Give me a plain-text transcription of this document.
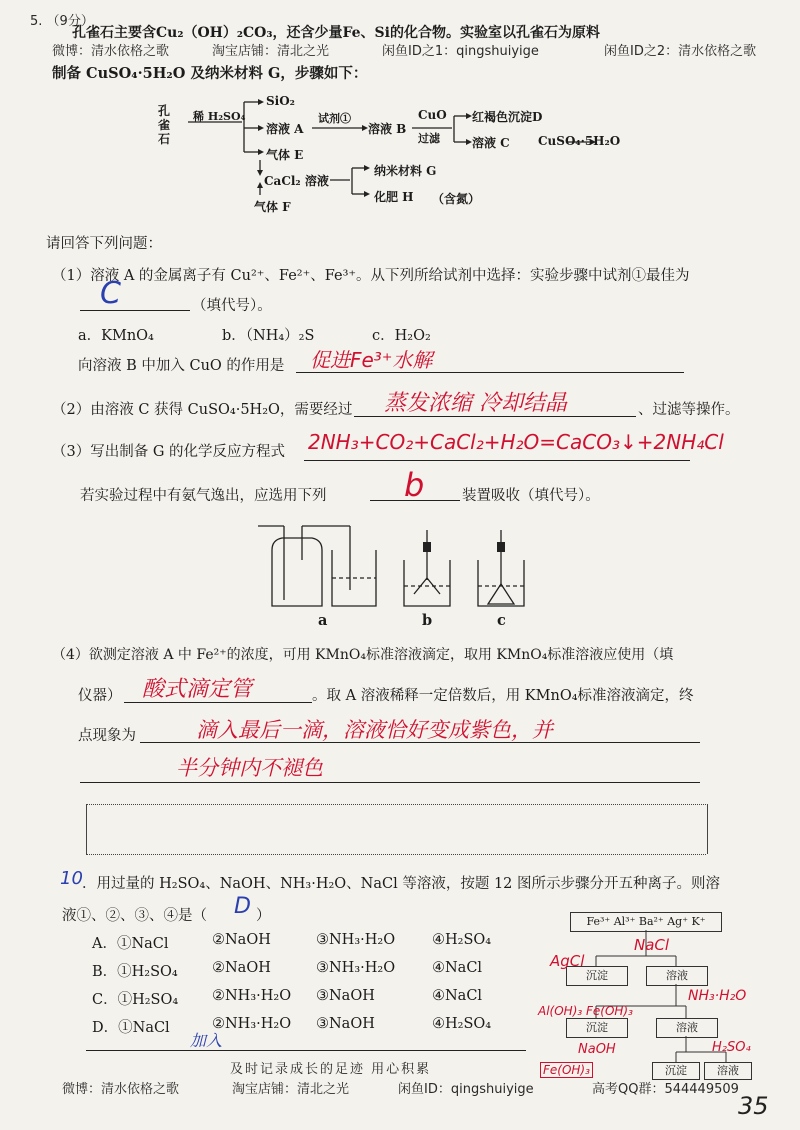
5. （9分）
微博：清水依格之歌	淘宝店铺：清北之光	闲鱼ID之1：qingshuiyige	闲鱼ID之2：清水依格之歌
孔雀石主要含Cu₂（OH）₂CO₃，还含少量Fe、Si的化合物。实验室以孔雀石为原料
制备 CuSO₄·5H₂O 及纳米材料 G，步骤如下：
孔雀石
稀 H₂SO₄
SiO₂
溶液 A
试剂①
溶液 B
CuO
过滤
红褐色沉淀D
溶液 C CuSO₄·5H₂O
气体 E
CaCl₂ 溶液
气体 F
纳米材料 G
化肥 H （含氮）
请回答下列问题：
（1）溶液 A 的金属离子有 Cu²⁺、Fe²⁺、Fe³⁺。从下列所给试剂中选择：实验步骤中试剂①最佳为
C	（填代号）。
a．KMnO₄	b．（NH₄）₂S	c．H₂O₂
向溶液 B 中加入 CuO 的作用是 促进Fe³⁺水解
（2）由溶液 C 获得 CuSO₄·5H₂O，需要经过 蒸发浓缩 冷却结晶	、过滤等操作。
（3）写出制备 G 的化学反应方程式 2NH₃+CO₂+CaCl₂+H₂O=CaCO₃↓+2NH₄Cl
若实验过程中有氨气逸出，应选用下列 b	装置吸收（填代号）。
a	b	c
（4）欲测定溶液 A 中 Fe²⁺的浓度，可用 KMnO₄标准溶液滴定，取用 KMnO₄标准溶液应使用（填
仪器） 酸式滴定管	。取 A 溶液稀释一定倍数后，用 KMnO₄标准溶液滴定，终
点现象为	滴入最后一滴，溶液恰好变成紫色，并
半分钟内不褪色
10 ．用过量的 H₂SO₄、NaOH、NH₃·H₂O、NaCl 等溶液，按题 12 图所示步骤分开五种离子。则溶
液①、②、③、④是（ D ）
A．①NaCl	②NaOH	③NH₃·H₂O	④H₂SO₄
B．①H₂SO₄ ②NaOH	③NH₃·H₂O	④NaCl
C．①H₂SO₄ ②NH₃·H₂O ③NaOH	④NaCl
D．①NaCl	②NH₃·H₂O ③NaOH	④H₂SO₄
加入
Fe³⁺ Al³⁺ Ba²⁺ Ag⁺ K⁺
沉淀	溶液
沉淀	溶液
沉淀	溶液
NaCl
AgCl
NH₃·H₂O
Al(OH)₃ Fe(OH)₃
NaOH	H₂SO₄
Fe(OH)₃
及时记录成长的足迹 用心积累
微博：清水依格之歌	淘宝店铺：清北之光	闲鱼ID：qingshuiyige	高考QQ群：544449509
35
